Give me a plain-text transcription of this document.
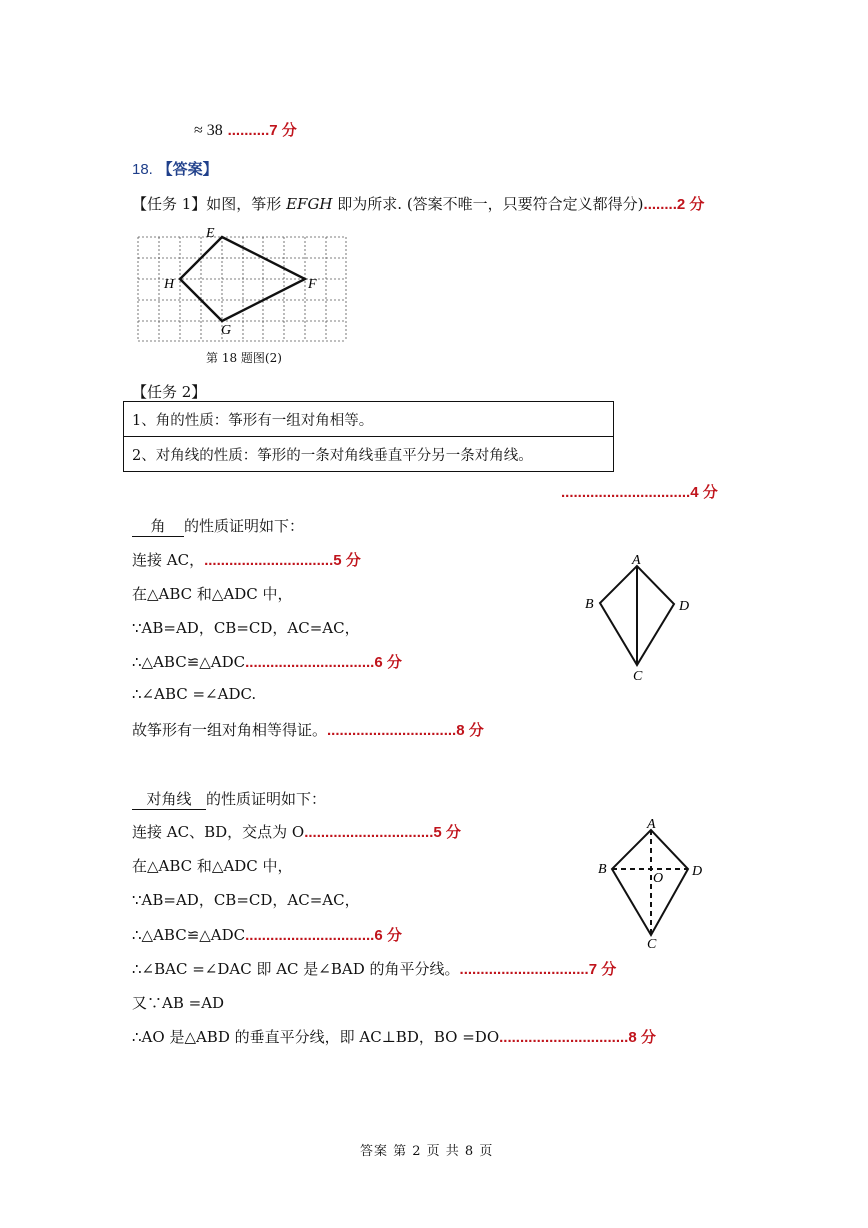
≈ 38 ..........7 分
18. 【答案】
【任务 1】如图，筝形 EFGH 即为所求. (答案不唯一，只要符合定义都得分)........2 分
E
F
G
H
第 18 题图(2)
【任务 2】
1、角的性质：筝形有一组对角相等。
2、对角线的性质：筝形的一条对角线垂直平分另一条对角线。
...............................4 分
角 的性质证明如下：
连接 AC，...............................5 分
在△ABC 和△ADC 中，
∵AB=AD，CB=CD，AC=AC，
∴△ABC≌△ADC...............................6 分
∴∠ABC =∠ADC.
故筝形有一组对角相等得证。...............................8 分
A
B
C
D
对角线 的性质证明如下：
连接 AC、BD，交点为 O...............................5 分
在△ABC 和△ADC 中，
∵AB=AD，CB=CD，AC=AC，
∴△ABC≌△ADC...............................6 分
∴∠BAC =∠DAC 即 AC 是∠BAD 的角平分线。...............................7 分
又∵AB =AD
∴AO 是△ABD 的垂直平分线，即 AC⊥BD，BO =DO...............................8 分
A
B
C
D
O
答案 第 2 页 共 8 页
